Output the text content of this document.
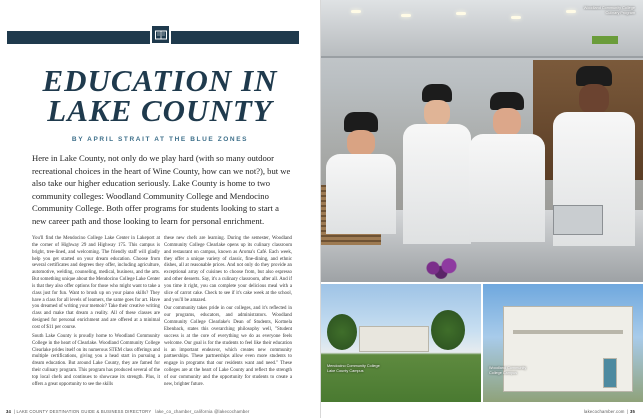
EDUCATION IN
LAKE COUNTY
BY APRIL STRAIT AT THE BLUE ZONES

Here in Lake County, not only do we play hard (with so many outdoor recreational choices in the heart of Wine County, how can we not?), but we also take our higher education seriously. Lake County is home to two community colleges: Woodland Community College and Mendocino Community College. Both offer programs for students looking to start a new career path and those looking to learn for personal enrichment.

You'll find the Mendocino College Lake Center in Lakeport at the corner of Highway 29 and Highway 175. This campus is bright, tree-lined, and welcoming. The friendly staff will gladly help you get started on your dream education. Choose from several certificates and degrees they offer, including agriculture, automotive, welding, counseling, medical, business, and the arts. But something unique about the Mendocino College Lake Center is that they also offer options for those who might want to take a class just for fun. Want to brush up on your piano skills? They have a class for all levels of learners, the same goes for art. Have you dreamed of writing your memoir? Take their creative writing class and make that dream a reality. All of these classes are designed for personal enrichment and are offered at a minimal cost of $11 per course.

South Lake County is proudly home to Woodland Community College in the heart of Clearlake. Woodland Community College Clearlake prides itself on its numerous STEM class offerings and multiple certifications, giving you a head start in pursuing a dream education. But around Lake County, they are famed for their culinary program. This program has produced several of the top local chefs and continues to showcase its strength. Plus, it offers a great opportunity to see the skills

these new chefs are learning. During the semester, Woodland Community College Clearlake opens up its culinary classroom and restaurant on campus, known as Aroma's Café. Each week, they offer a unique variety of classic, fine-dining, and ethnic dishes, all at reasonable prices. And not only do they provide an exceptional array of cuisines to choose from, but also espresso and other desserts. Say, it's a culinary classroom, after all. And if you time it right, you can complete your delicious meal with a slice of carrot cake. Check to see if it's cake week at the school, and you'll be amazed.

Our community takes pride in our colleges, and it's reflected in our programs, educators, and administrators. Woodland Community College Clearlake's Dean of Students, Kortnela Ebenback, states this overarching philosophy well, "Student success is at the core of everything we do as everyone feels welcome. Our goal is for the students to feel like their education is an important endeavor, which creates new community partnerships. These partnerships allow even more students to engage in programs that our residents want and need." These colleges are at the heart of Lake County and reflect the strength of our community and the opportunity for students to create a new, brighter future.

34  | LAKE COUNTY DESTINATION GUIDE & BUSINESS DIRECTORY lake_co_chamber_california @lakecochamber
Woodland Community College
Culinary Program
Mendocino Community College
Lake County Campus
Woodland Community
College Campus
lakecochamber.com  | 35
